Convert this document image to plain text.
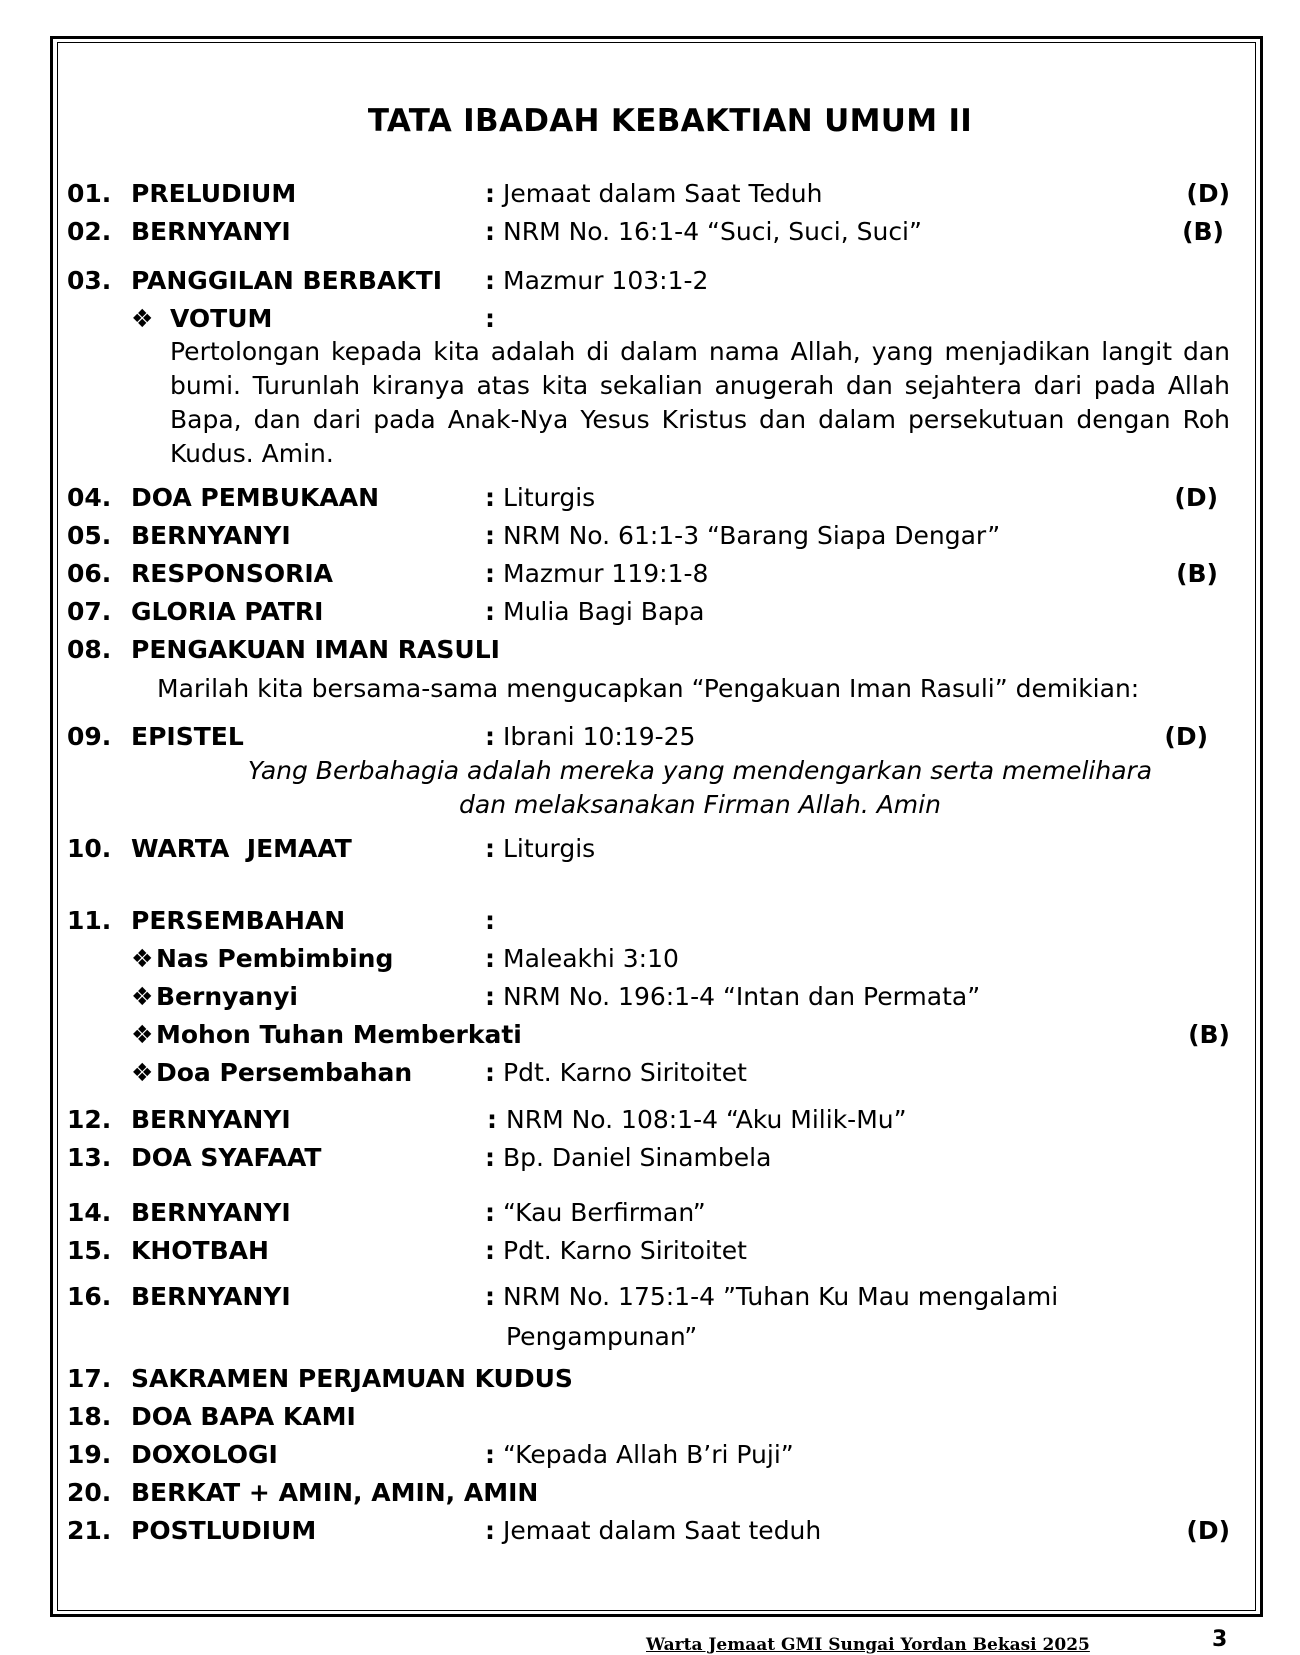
TATA IBADAH KEBAKTIAN UMUM II
01. PRELUDIUM	: Jemaat dalam Saat Teduh	(D)
02. BERNYANYI	: NRM No. 16:1-4 “Suci, Suci, Suci”	(B)
03. PANGGILAN BERBAKTI : Mazmur 103:1-2
❖ VOTUM	:
Pertolongan kepada kita adalah di dalam nama Allah, yang menjadikan langit dan bumi. Turunlah kiranya atas kita sekalian anugerah dan sejahtera dari pada Allah Bapa, dan dari pada Anak-Nya Yesus Kristus dan dalam persekutuan dengan Roh Kudus. Amin.
04. DOA PEMBUKAAN	: Liturgis	(D)
05. BERNYANYI	: NRM No. 61:1-3 “Barang Siapa Dengar”
06. RESPONSORIA	: Mazmur 119:1-8	(B)
07. GLORIA PATRI	: Mulia Bagi Bapa
08. PENGAKUAN IMAN RASULI
Marilah kita bersama-sama mengucapkan “Pengakuan Iman Rasuli” demikian:
09. EPISTEL	: Ibrani 10:19-25	(D)
Yang Berbahagia adalah mereka yang mendengarkan serta memelihara
dan melaksanakan Firman Allah. Amin
10. WARTA  JEMAAT	: Liturgis
11. PERSEMBAHAN	:
❖ Nas Pembimbing	: Maleakhi 3:10
❖ Bernyanyi	: NRM No. 196:1-4 “Intan dan Permata”
❖ Mohon Tuhan Memberkati	(B)
❖ Doa Persembahan	: Pdt. Karno Siritoitet
12. BERNYANYI	: NRM No. 108:1-4 “Aku Milik-Mu”
13. DOA SYAFAAT	: Bp. Daniel Sinambela
14. BERNYANYI	: “Kau Berfirman”
15. KHOTBAH	: Pdt. Karno Siritoitet
16. BERNYANYI	: NRM No. 175:1-4 ”Tuhan Ku Mau mengalami
Pengampunan”
17. SAKRAMEN PERJAMUAN KUDUS
18. DOA BAPA KAMI
19. DOXOLOGI	: “Kepada Allah B’ri Puji”
20. BERKAT + AMIN, AMIN, AMIN
21. POSTLUDIUM	: Jemaat dalam Saat teduh	(D)
Warta Jemaat GMI Sungai Yordan Bekasi 2025	3
